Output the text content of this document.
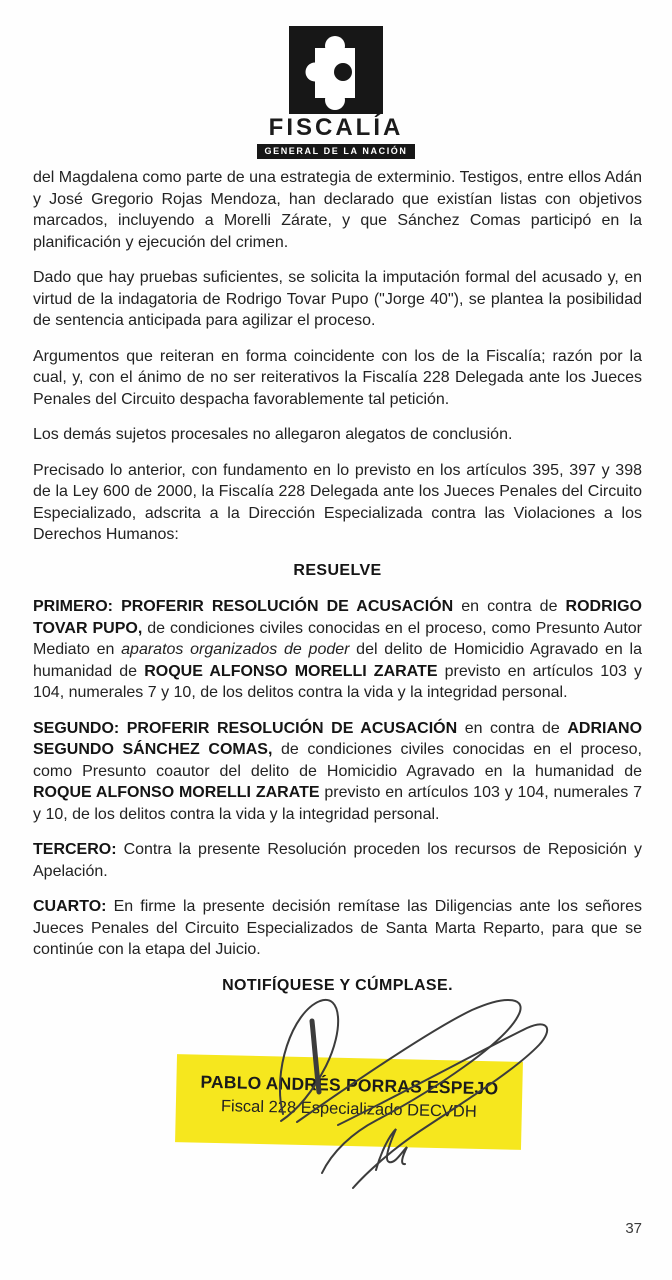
FISCALÍA
GENERAL DE LA NACIÓN

del Magdalena como parte de una estrategia de exterminio. Testigos, entre ellos Adán y José Gregorio Rojas Mendoza, han declarado que existían listas con objetivos marcados, incluyendo a Morelli Zárate, y que Sánchez Comas participó en la planificación y ejecución del crimen.

Dado que hay pruebas suficientes, se solicita la imputación formal del acusado y, en virtud de la indagatoria de Rodrigo Tovar Pupo ("Jorge 40"), se plantea la posibilidad de sentencia anticipada para agilizar el proceso.

Argumentos que reiteran en forma coincidente con los de la Fiscalía; razón por la cual, y, con el ánimo de no ser reiterativos la Fiscalía 228 Delegada ante los Jueces Penales del Circuito despacha favorablemente tal petición.

Los demás sujetos procesales no allegaron alegatos de conclusión.

Precisado lo anterior, con fundamento en lo previsto en los artículos 395, 397 y 398 de la Ley 600 de 2000, la Fiscalía 228 Delegada ante los Jueces Penales del Circuito Especializado, adscrita a la Dirección Especializada contra las Violaciones a los Derechos Humanos:

RESUELVE

PRIMERO: PROFERIR RESOLUCIÓN DE ACUSACIÓN en contra de RODRIGO TOVAR PUPO, de condiciones civiles conocidas en el proceso, como Presunto Autor Mediato en aparatos organizados de poder del delito de Homicidio Agravado en la humanidad de ROQUE ALFONSO MORELLI ZARATE previsto en artículos 103 y 104, numerales 7 y 10, de los delitos contra la vida y la integridad personal.

SEGUNDO: PROFERIR RESOLUCIÓN DE ACUSACIÓN en contra de ADRIANO SEGUNDO SÁNCHEZ COMAS, de condiciones civiles conocidas en el proceso, como Presunto coautor del delito de Homicidio Agravado en la humanidad de ROQUE ALFONSO MORELLI ZARATE previsto en artículos 103 y 104, numerales 7 y 10, de los delitos contra la vida y la integridad personal.

TERCERO: Contra la presente Resolución proceden los recursos de Reposición y Apelación.

CUARTO: En firme la presente decisión remítase las Diligencias ante los señores Jueces Penales del Circuito Especializados de Santa Marta Reparto, para que se continúe con la etapa del Juicio.

NOTIFÍQUESE Y CÚMPLASE.

PABLO ANDRÉS PORRAS ESPEJO
Fiscal 228 Especializado DECVDH
37
